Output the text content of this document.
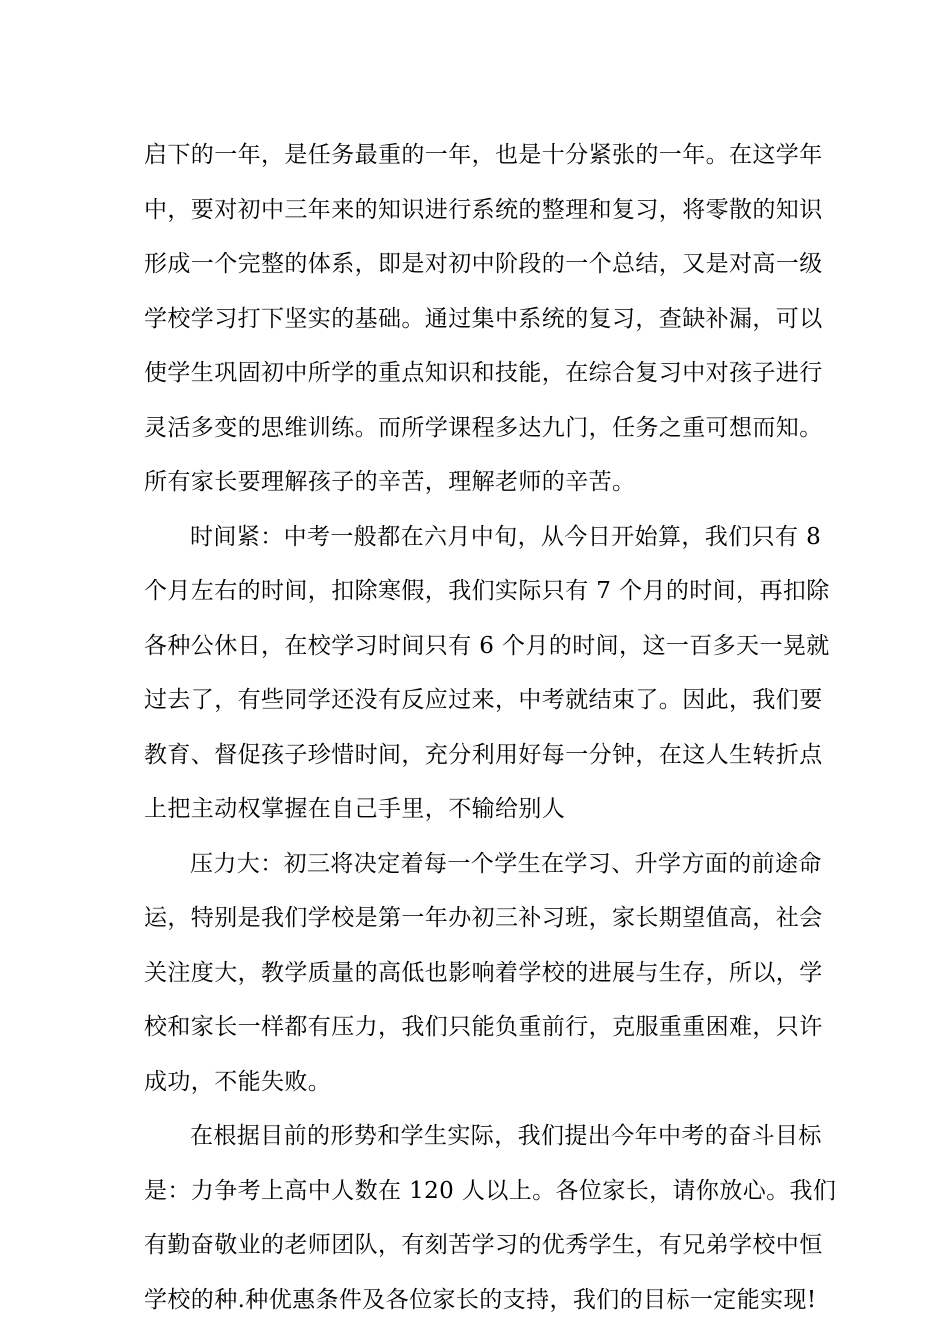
启下的一年，是任务最重的一年，也是十分紧张的一年。在这学年
中，要对初中三年来的知识进行系统的整理和复习，将零散的知识
形成一个完整的体系，即是对初中阶段的一个总结，又是对高一级
学校学习打下坚实的基础。通过集中系统的复习，查缺补漏，可以
使学生巩固初中所学的重点知识和技能，在综合复习中对孩子进行
灵活多变的思维训练。而所学课程多达九门，任务之重可想而知。
所有家长要理解孩子的辛苦，理解老师的辛苦。
时间紧：中考一般都在六月中旬，从今日开始算，我们只有 8
个月左右的时间，扣除寒假，我们实际只有 7 个月的时间，再扣除
各种公休日，在校学习时间只有 6 个月的时间，这一百多天一晃就
过去了，有些同学还没有反应过来，中考就结束了。因此，我们要
教育、督促孩子珍惜时间，充分利用好每一分钟，在这人生转折点
上把主动权掌握在自己手里，不输给别人
压力大：初三将决定着每一个学生在学习、升学方面的前途命
运，特别是我们学校是第一年办初三补习班，家长期望值高，社会
关注度大，教学质量的高低也影响着学校的进展与生存，所以，学
校和家长一样都有压力，我们只能负重前行，克服重重困难，只许
成功，不能失败。
在根据目前的形势和学生实际，我们提出今年中考的奋斗目标
是：力争考上高中人数在 120 人以上。各位家长，请你放心。我们
有勤奋敬业的老师团队，有刻苦学习的优秀学生，有兄弟学校中恒
学校的种.种优惠条件及各位家长的支持，我们的目标一定能实现!
